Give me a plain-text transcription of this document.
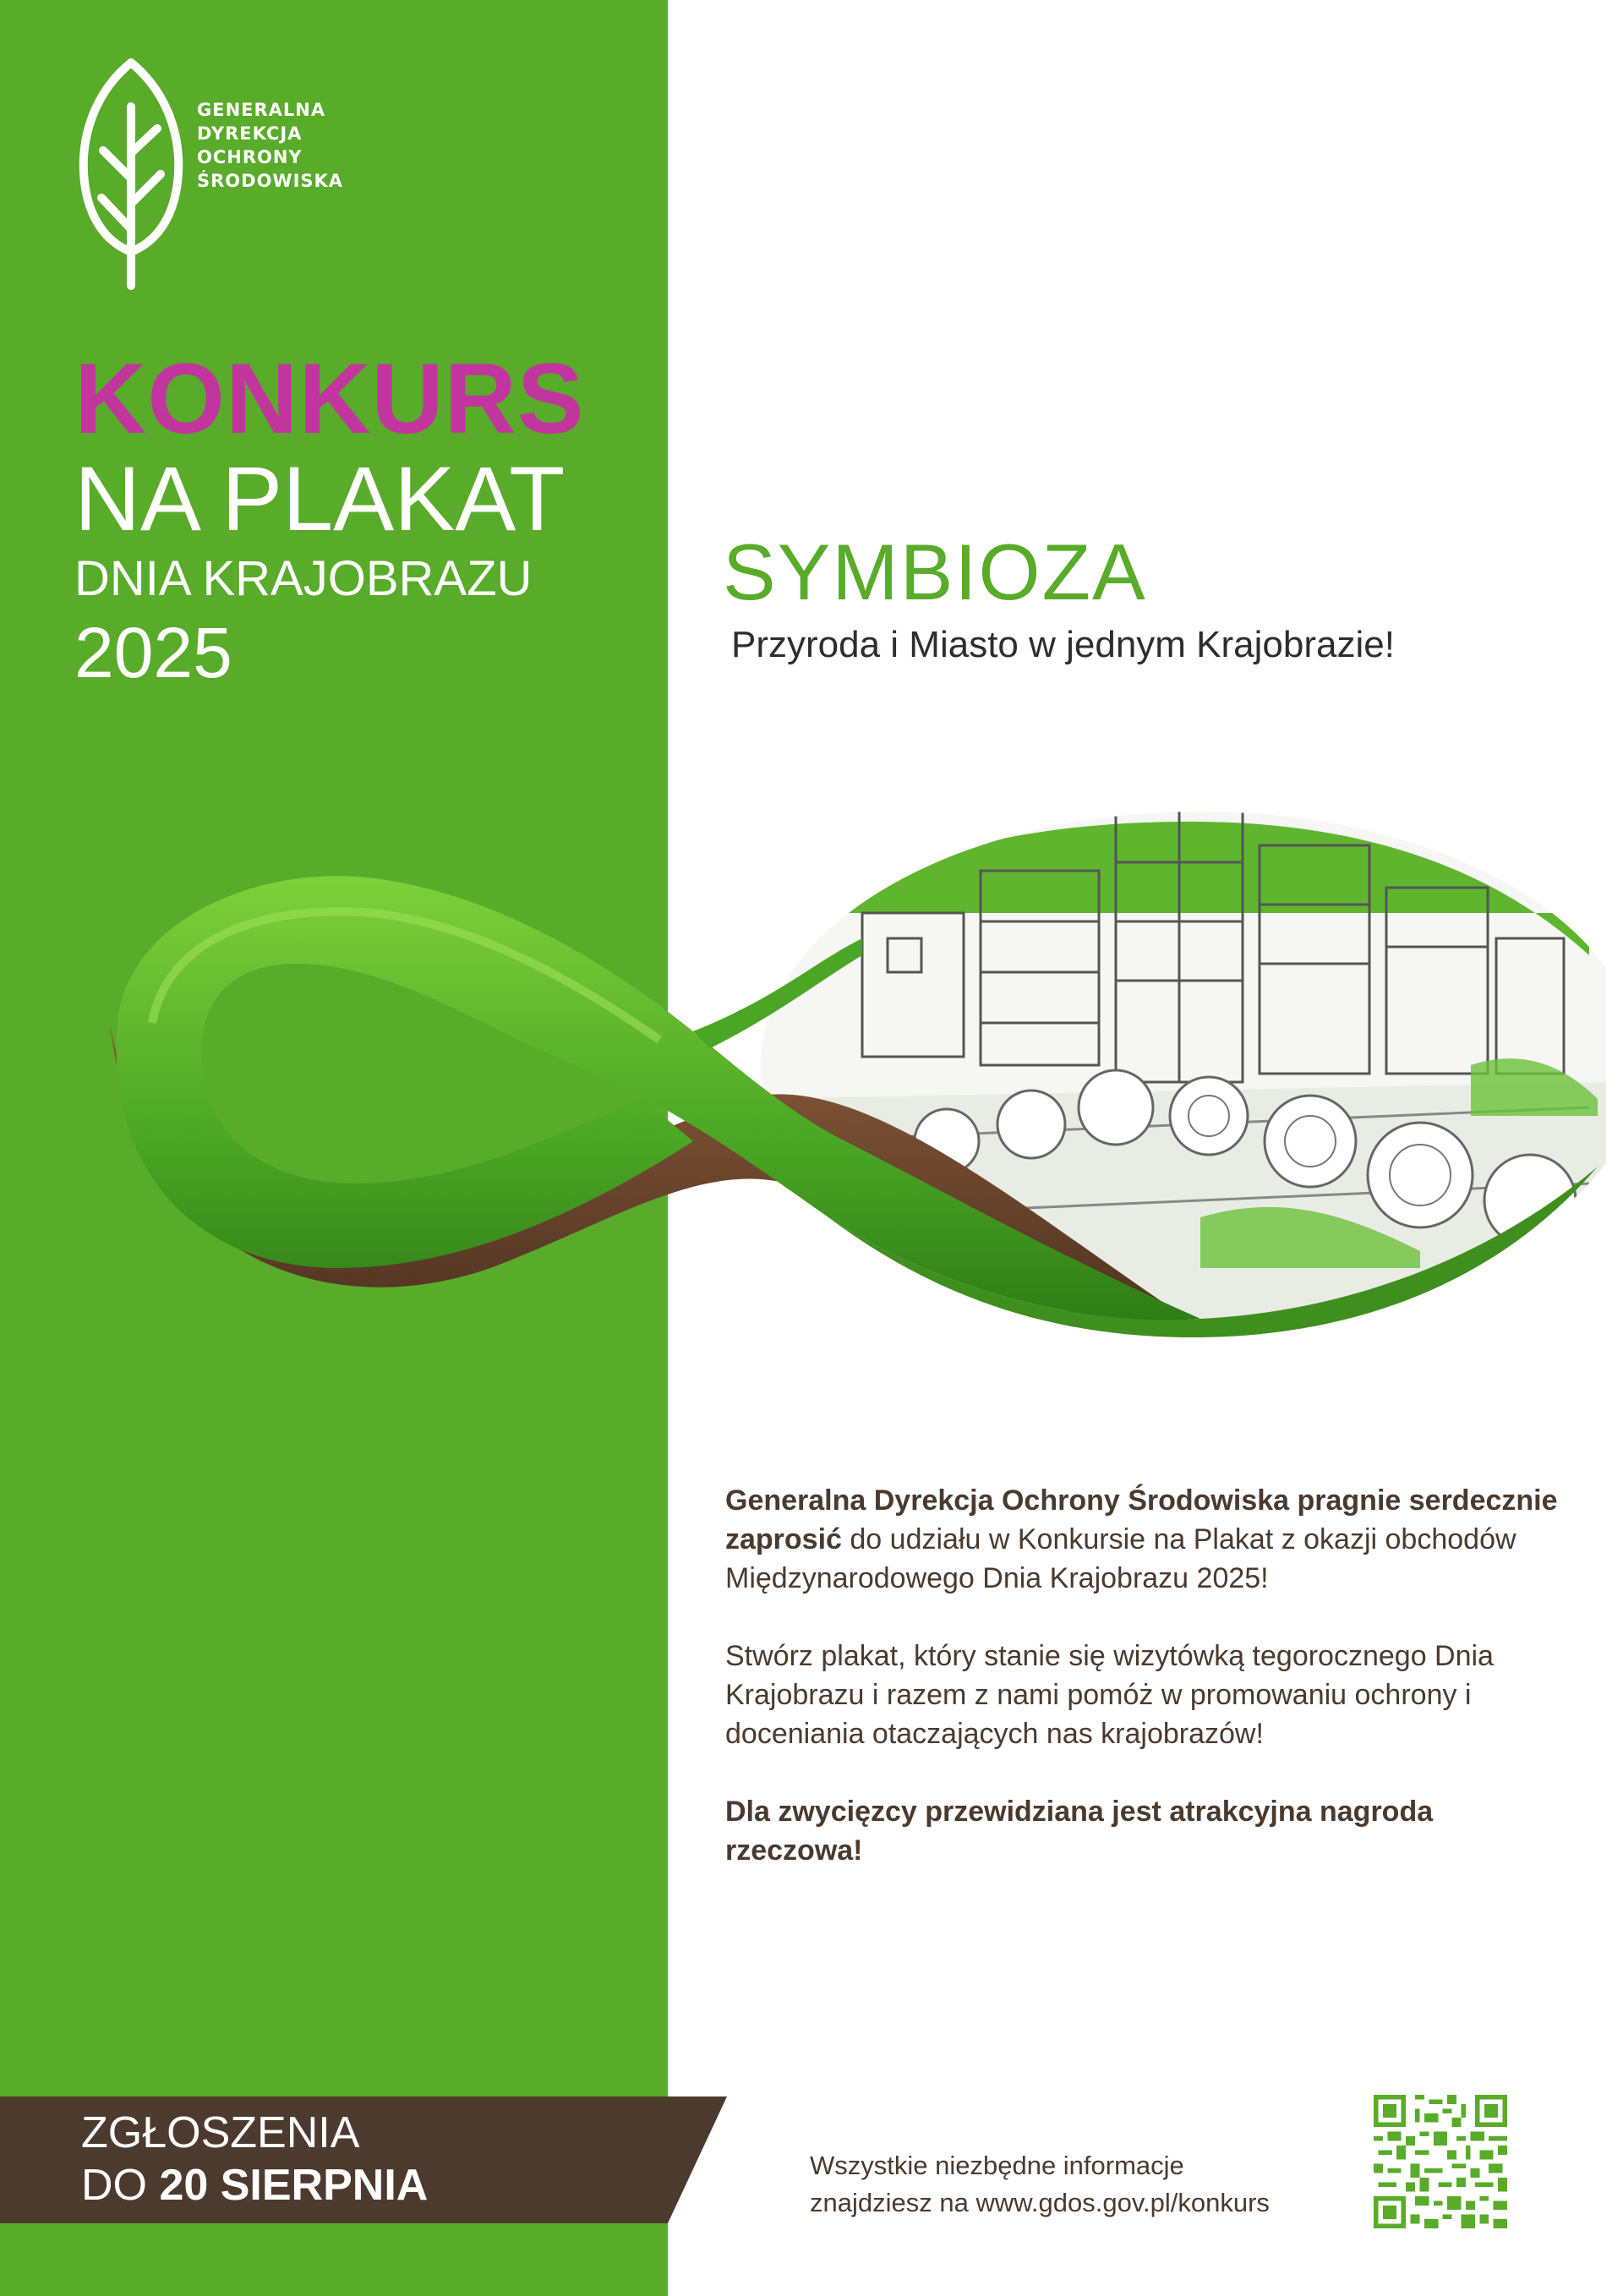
GENERALNA
DYREKCJA
OCHRONY
ŚRODOWISKA
KONKURS
NA PLAKAT
DNIA KRAJOBRAZU
2025
SYMBIOZA
Przyroda i Miasto w jednym Krajobrazie!

Generalna Dyrekcja Ochrony Środowiska pragnie serdecznie zaprosić do udziału w Konkursie na Plakat z okazji obchodów Międzynarodowego Dnia Krajobrazu 2025!

Stwórz plakat, który stanie się wizytówką tegorocznego Dnia Krajobrazu i razem z nami pomóż w promowaniu ochrony i doceniania otaczających nas krajobrazów!

Dla zwycięzcy przewidziana jest atrakcyjna nagroda rzeczowa!

ZGŁOSZENIA
DO 20 SIERPNIA	Wszystkie niezbędne informacje
znajdziesz na www.gdos.gov.pl/konkurs
